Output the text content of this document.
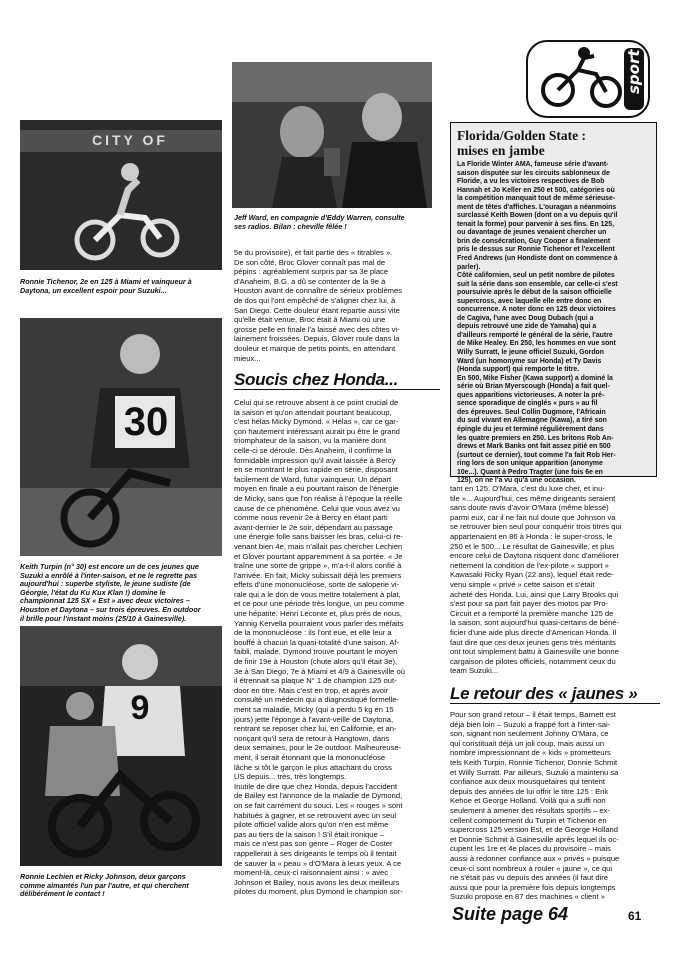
sport
Jeff Ward, en compagnie d'Eddy Warren, consulte
ses radios. Bilan : cheville fêlée !
CITY OF
Ronnie Tichenor, 2e en 125 à Miami et vainqueur à
Daytona, un excellent espoir pour Suzuki...
30
Keith Turpin (n° 30) est encore un de ces jeunes que
Suzuki a enrôlé à l'inter-saison, et ne le regrette pas
aujourd'hui : superbe styliste, le jeune sudiste (de
Géorgie, l'état du Ku Kux Klan !) domine le
championnat 125 SX « Est » avec deux victoires –
Houston et Daytona – sur trois épreuves. En outdoor
il brille pour l'instant moins (25/10 à Gainesville).
9
Ronnie Lechien et Ricky Johnson, deux garçons
comme aimantés l'un par l'autre, et qui cherchent
délibérément le contact !
5e du provisoire), et fait partie des « titrables ».
De son côté, Broc Glover connaît pas mal de
pépins : agréablement surpris par sa 3e place
d'Anaheim, B.G. a dû se contenter de la 9e à
Houston avant de connaître de sérieux problèmes
de dos qui l'ont empêché de s'aligner chez lui, à
San Diego. Cette douleur étant repartie aussi vite
qu'elle était venue, Broc était à Miami où une
grosse pelle en finale l'a laissé avec des côtes vi-
lainement froissées. Depuis, Glover roule dans la
douleur et marque de petits points, en attendant
mieux...
Soucis chez Honda...
Celui qui se retrouve absent à ce point crucial de
la saison et qu'on attendait pourtant beaucoup,
c'est hélas Micky Dymond. « Hélas », car ce gar-
çon hautement intéressant aurait pu être le grand
triomphateur de la saison, vu la manière dont
celle-ci se déroule. Dès Anaheim, il confirme la
formidable impression qu'il avait laissée à Bercy
en se montrant le plus rapide en série, disposant
facilement de Ward, futur vainqueur. Un départ
moyen en finale a eu pourtant raison de l'énergie
de Micky, sans que l'on réalise à l'époque la réelle
cause de ce phénomène. Celui que vous avez vu
comme nous revenir 2e à Bercy en étant parti
avant-dernier le 2e soir, dépendant au passage
une énergie folle sans baisser les bras, celui-ci re-
venant bien 4e, mais n'allait pas chercher Lechien
et Glover pourtant apparemment à sa portée. « Je
traîne une sorte de grippe », m'a-t-il alors confié à
l'arrivée. En fait, Micky subissait déjà les premiers
effets d'une mononucléose, sorte de saloperie vi-
rale qui a le don de vous mettre totalement à plat,
et ce pour une période très longue, un peu comme
une hépatite. Henri Leconte et, plus près de nous,
Yannig Kervella pourraient vous parler des méfaits
de la mononucléose : ils l'ont eue, et elle leur a
bouffé à chacun la quasi-totalité d'une saison. Af-
faibli, malade, Dymond trouve pourtant le moyen
de finir 19e à Houston (chute alors qu'il était 3e),
3e à San Diego, 7e à Miami et 4/9 à Gainesville où
il étrennait sa plaque N° 1 de champion 125 out-
door en titre. Mais c'est en trop, et après avoir
consulté un médecin qui a diagnostiqué formelle-
ment sa maladie, Micky (qui a perdu 5 kg en 15
jours) jette l'éponge à l'avant-veille de Daytona,
rentrant se reposer chez lui, en Californie, et an-
nonçant qu'il sera de retour à Hangtown, dans
deux semaines, pour le 2e outdoor. Malheureuse-
ment, il serait étonnant que la mononucléose
lâche si tôt le garçon le plus attachant du cross
US depuis... très, très longtemps.
Inutile de dire que chez Honda, depuis l'accident
de Bailey est l'annonce de la maladie de Dymond,
on se fait carrément du souci. Les « rouges » sont
habitués à gagner, et se retrouvent avec un seul
pilote officiel valide alors qu'on n'en est même
pas au tiers de la saison ! S'il était ironique –
mais ce n'est pas son genre – Roger de Coster
rappellerait à ses dirigeants le temps où il tentait
de sauver la « peau » d'O'Mara à leurs yeux. A ce
moment-là, ceux-ci raisonnaient ainsi : « avec
Johnson et Bailey, nous avons les deux meilleurs
pilotes du moment, plus Dymond le champion sor-
Florida/Golden State :
mises en jambe
La Floride Winter AMA, fameuse série d'avant-
saison disputée sur les circuits sablonneux de
Floride, a vu les victoires respectives de Bob
Hannah et Jo Keller en 250 et 500, catégories où
la compétition manquait tout de même sérieuse-
ment de têtes d'affiches. L'ouragan a néanmoins
surclassé Keith Bowen (dont on a vu depuis qu'il
tenait la forme) pour parvenir à ses fins. En 125,
ou davantage de jeunes venaient chercher un
brin de consécration, Guy Cooper a finalement
pris le dessus sur Ronnie Tichenor et l'excellent
Fred Andrews (un Hondiste dont on commence à
parler).
Côté californien, seul un petit nombre de pilotes
suit la série dans son ensemble, car celle-ci s'est
poursuivie après le début de la saison officielle
supercross, avec laquelle elle entre donc en
concurrence. A noter donc en 125 deux victoires
de Cagiva, l'une avec Doug Dubach (qui a
depuis retrouvé une zide de Yamaha) qui a
d'ailleurs remporté le général de la série, l'autre
de Mike Healey. En 250, les hommes en vue sont
Willy Surratt, le jeune officiel Suzuki, Gordon
Ward (un homonyme sur Honda) et Ty Davis
(Honda support) qui remporte le titre.
En 500, Mike Fisher (Kawa support) a dominé la
série où Brian Myerscough (Honda) a fait quel-
ques apparitions victorieuses. A noter la pré-
sence sporadique de cinglés « purs » au fil
des épreuves. Seul Collin Dugmore, l'Africain
du sud vivant en Allemagne (Kawa), a tiré son
épingle du jeu et terminé régulièrement dans
les quatre premiers en 250. Les britons Rob An-
drews et Mark Banks ont fait assez pitié en 500
(surtout ce dernier), tout comme l'a fait Rob Her-
ring lors de son unique apparition (anonyme
10e...). Quant à Pedro Tragter (une fois 6e en
125), on ne l'a vu qu'à une occasion.
tant en 125. O'Mara, c'est du luxe cher, et inu-
tile »... Aujourd'hui, ces même dirigeants seraient
sans doute ravis d'avoir O'Mara (même blessé)
parmi eux, car il ne fait nul doute que Johnson va
se retrouver bien seul pour conquérir trois titres qui
appartenaient en 86 à Honda : le super-cross, le
250 et le 500... Le résultat de Gainesville, et plus
encore celui de Daytona risquent donc d'améliorer
nettement la condition de l'ex-pilote « support »
Kawasaki Ricky Ryan (22 ans), lequel était rede-
venu simple « privé » cette saison et s'était
acheté des Honda. Lui, ainsi que Larry Brooks qui
s'est pour sa part fait payer des motos par Pro-
Circuit et a remporté la première manche 125 de
la saison, sont aujourd'hui quasi-certains de béné-
ficier d'une aide plus directe d'American Honda. Il
faut dire que ces deux jeunes gens très méritants
ont tout simplement battu à Gainesville une bonne
cargaison de pilotes officiels, notamment ceux du
team Suzuki...
Le retour des « jaunes »
Pour son grand retour – il était temps, Barnett est
déjà bien loin – Suzuki a frappé fort à l'inter-sai-
son, signant non seulement Johnny O'Mara, ce
qui constituait déjà un joli coup, mais aussi un
nombre impressionnant de « kids » prometteurs
tels Keith Turpin, Ronnie Tichenor, Donnie Schmit
et Willy Surratt. Par ailleurs, Suzuki a maintenu sa
confiance aux deux mousquetaires qui tentent
depuis des années de lui offrir le titre 125 : Erik
Kehoe et George Holland. Voilà qui a suffi non
seulement à amener des résultats sportifs – ex-
cellent comportement du Turpin et Tichenor en
supercross 125 version Est, et de George Holland
et Donnie Schmit à Gainesville après lequel ils oc-
cupent les 1re et 4e places du provisoire – mais
aussi à redonner confiance aux « privés » puisque
ceux-ci sont nombreux à rouler « jaune », ce qui
ne s'était pas vu depuis des années (il faut dire
aussi que pour la première fois depuis longtemps
Suzuki propose en 87 des machines « client »
Suite page 64	61
